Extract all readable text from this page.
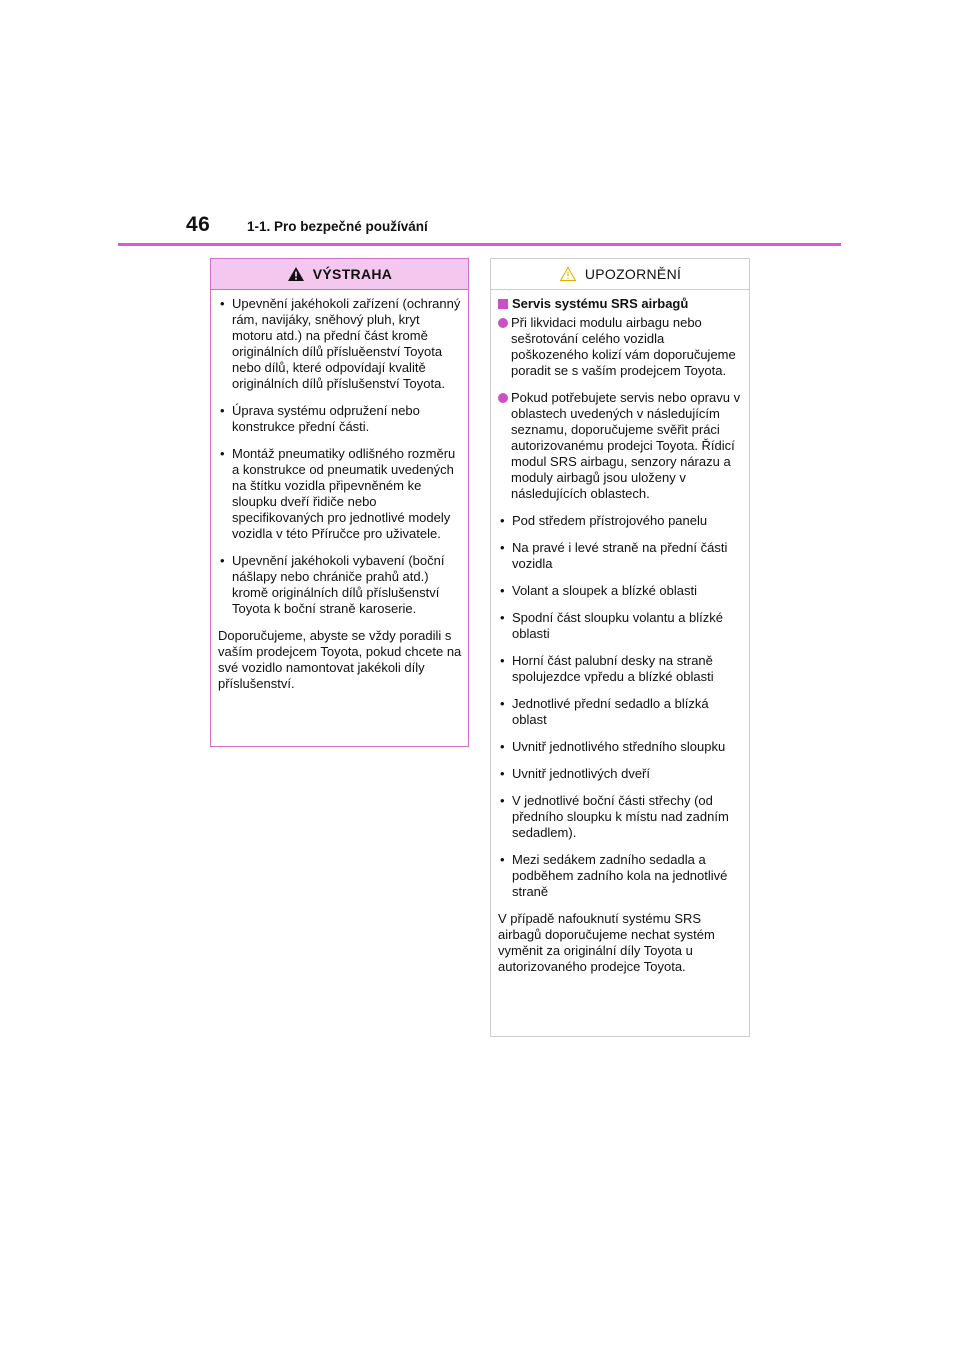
46	1-1. Pro bezpečné používání
VÝSTRAHA
• Upevnění jakéhokoli zařízení (ochranný rám, navijáky, sněhový pluh, kryt motoru atd.) na přední část kromě originálních dílů přísluěenství Toyota nebo dílů, které odpovídají kvalitě originálních dílů příslušenství Toyota.
• Úprava systému odpružení nebo konstrukce přední části.
• Montáž pneumatiky odlišného rozměru a konstrukce od pneumatik uvedených na štítku vozidla připevněném ke sloupku dveří řidiče nebo specifikovaných pro jednotlivé modely vozidla v této Příručce pro uživatele.
• Upevnění jakéhokoli vybavení (boční nášlapy nebo chrániče prahů atd.) kromě originálních dílů příslušenství Toyota k boční straně karoserie.

Doporučujeme, abyste se vždy poradili s vaším prodejcem Toyota, pokud chcete na své vozidlo namontovat jakékoli díly příslušenství.

UPOZORNĚNÍ
Servis systému SRS airbagů
Při likvidaci modulu airbagu nebo sešrotování celého vozidla poškozeného kolizí vám doporučujeme poradit se s vaším prodejcem Toyota.
Pokud potřebujete servis nebo opravu v oblastech uvedených v následujícím seznamu, doporučujeme svěřit práci autorizovanému prodejci Toyota. Řídicí modul SRS airbagu, senzory nárazu a moduly airbagů jsou uloženy v následujících oblastech.
• Pod středem přístrojového panelu
• Na pravé i levé straně na přední části vozidla
• Volant a sloupek a blízké oblasti
• Spodní část sloupku volantu a blízké oblasti
• Horní část palubní desky na straně spolujezdce vpředu a blízké oblasti
• Jednotlivé přední sedadlo a blízká oblast
• Uvnitř jednotlivého středního sloupku
• Uvnitř jednotlivých dveří
• V jednotlivé boční části střechy (od předního sloupku k místu nad zadním sedadlem).
• Mezi sedákem zadního sedadla a podběhem zadního kola na jednotlivé straně

V případě nafouknutí systému SRS airbagů doporučujeme nechat systém vyměnit za originální díly Toyota u autorizovaného prodejce Toyota.
